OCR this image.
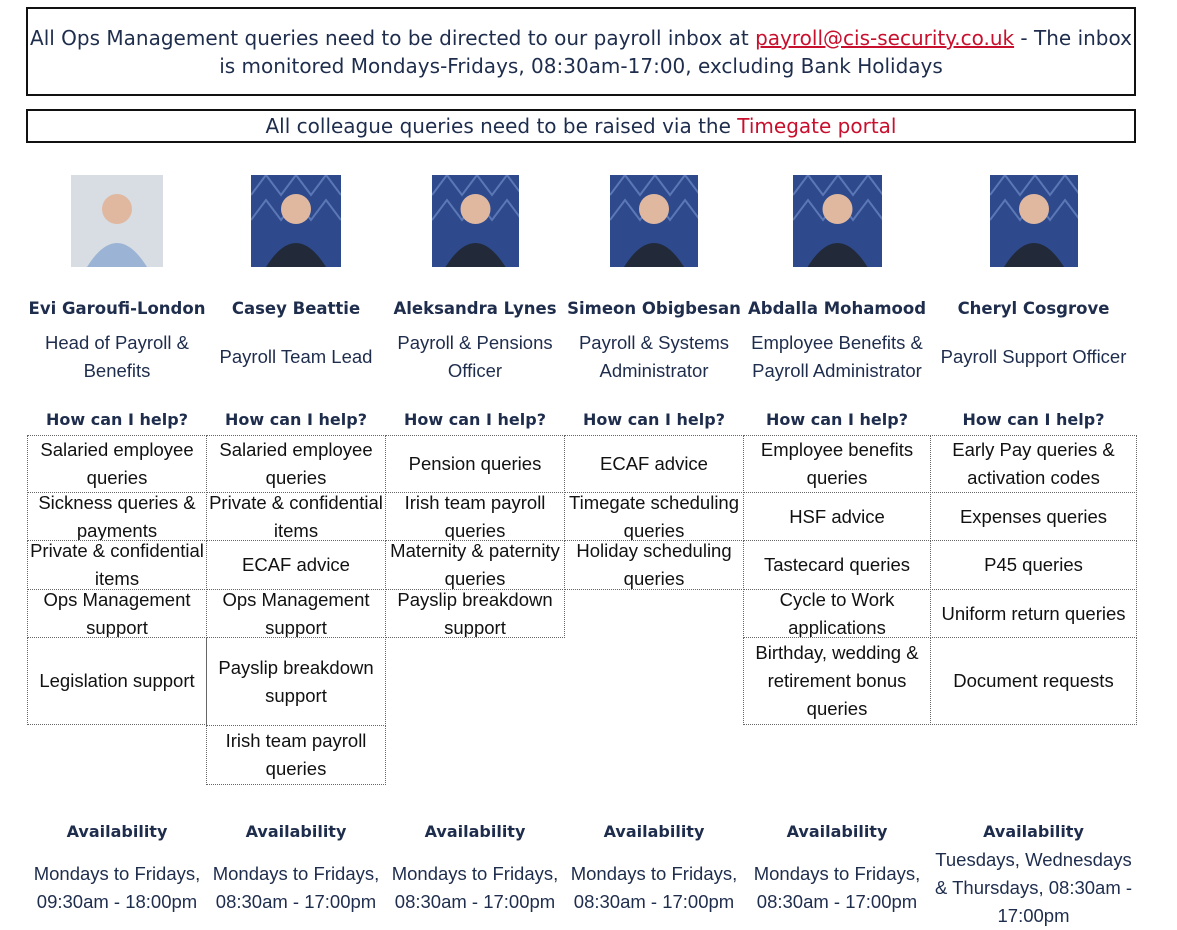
All Ops Management queries need to be directed to our payroll inbox at payroll@cis-security.co.uk - The inbox is monitored Mondays-Fridays, 08:30am-17:00, excluding Bank Holidays
All colleague queries need to be raised via the Timegate portal
Evi Garoufi-London
Head of Payroll & Benefits
How can I help?
Salaried employee queries
Sickness queries & payments
Private & confidential items
Ops Management support
Legislation support
Availability
Mondays to Fridays, 09:30am - 18:00pm
Casey Beattie
Payroll Team Lead
How can I help?
Salaried employee queries
Private & confidential items
ECAF advice
Ops Management support
Payslip breakdown support
Irish team payroll queries
Availability
Mondays to Fridays, 08:30am - 17:00pm
Aleksandra Lynes
Payroll & Pensions Officer
How can I help?
Pension queries
Irish team payroll queries
Maternity & paternity queries
Payslip breakdown support
Availability
Mondays to Fridays, 08:30am - 17:00pm
Simeon Obigbesan
Payroll & Systems Administrator
How can I help?
ECAF advice
Timegate scheduling queries
Holiday scheduling queries
Availability
Mondays to Fridays, 08:30am - 17:00pm
Abdalla Mohamood
Employee Benefits & Payroll Administrator
How can I help?
Employee benefits queries
HSF advice
Tastecard queries
Cycle to Work applications
Birthday, wedding & retirement bonus queries
Availability
Mondays to Fridays, 08:30am - 17:00pm
Cheryl Cosgrove
Payroll Support Officer
How can I help?
Early Pay queries & activation codes
Expenses queries
P45 queries
Uniform return queries
Document requests
Availability
Tuesdays, Wednesdays & Thursdays, 08:30am - 17:00pm
